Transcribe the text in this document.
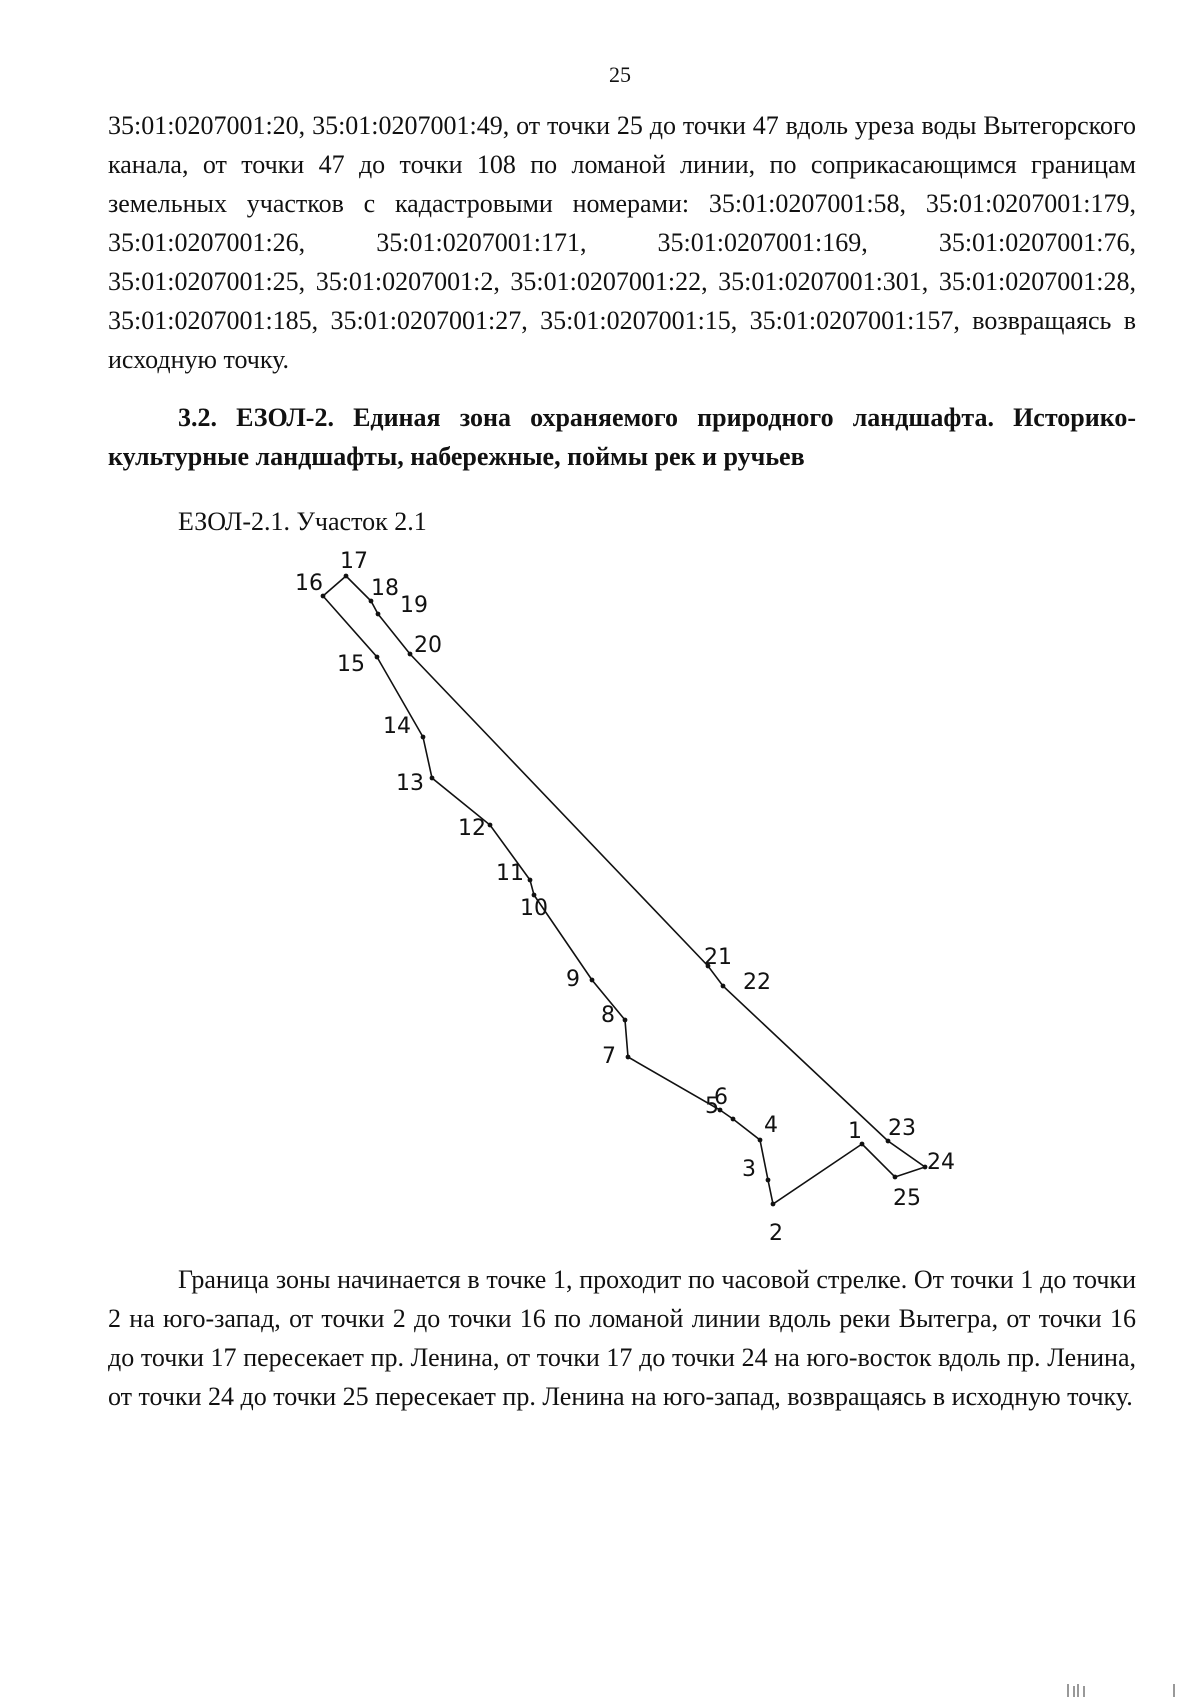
25
35:01:0207001:20, 35:01:0207001:49, от точки 25 до точки 47 вдоль уреза воды Вытегорского канала, от точки 47 до точки 108 по ломаной линии, по соприкасающимся границам земельных участков с кадастровыми номерами: 35:01:0207001:58, 35:01:0207001:179, 35:01:0207001:26, 35:01:0207001:171, 35:01:0207001:169, 35:01:0207001:76, 35:01:0207001:25, 35:01:0207001:2, 35:01:0207001:22, 35:01:0207001:301, 35:01:0207001:28, 35:01:0207001:185, 35:01:0207001:27, 35:01:0207001:15, 35:01:0207001:157, возвращаясь в исходную точку.
3.2. ЕЗОЛ-2. Единая зона охраняемого природного ландшафта. Историко-культурные ландшафты, набережные, поймы рек и ручьев
ЕЗОЛ-2.1. Участок 2.1
1
2
3
4
5
6
7
8
9
10
11
12
13
14
15
16
17
18
19
20
21
22
23
24
25
Граница зоны начинается в точке 1, проходит по часовой стрелке. От точки 1 до точки 2 на юго-запад, от точки 2 до точки 16 по ломаной линии вдоль реки Вытегра, от точки 16 до точки 17 пересекает пр. Ленина, от точки 17 до точки 24 на юго-восток вдоль пр. Ленина, от точки 24 до точки 25 пересекает пр. Ленина на юго-запад, возвращаясь в исходную точку.
